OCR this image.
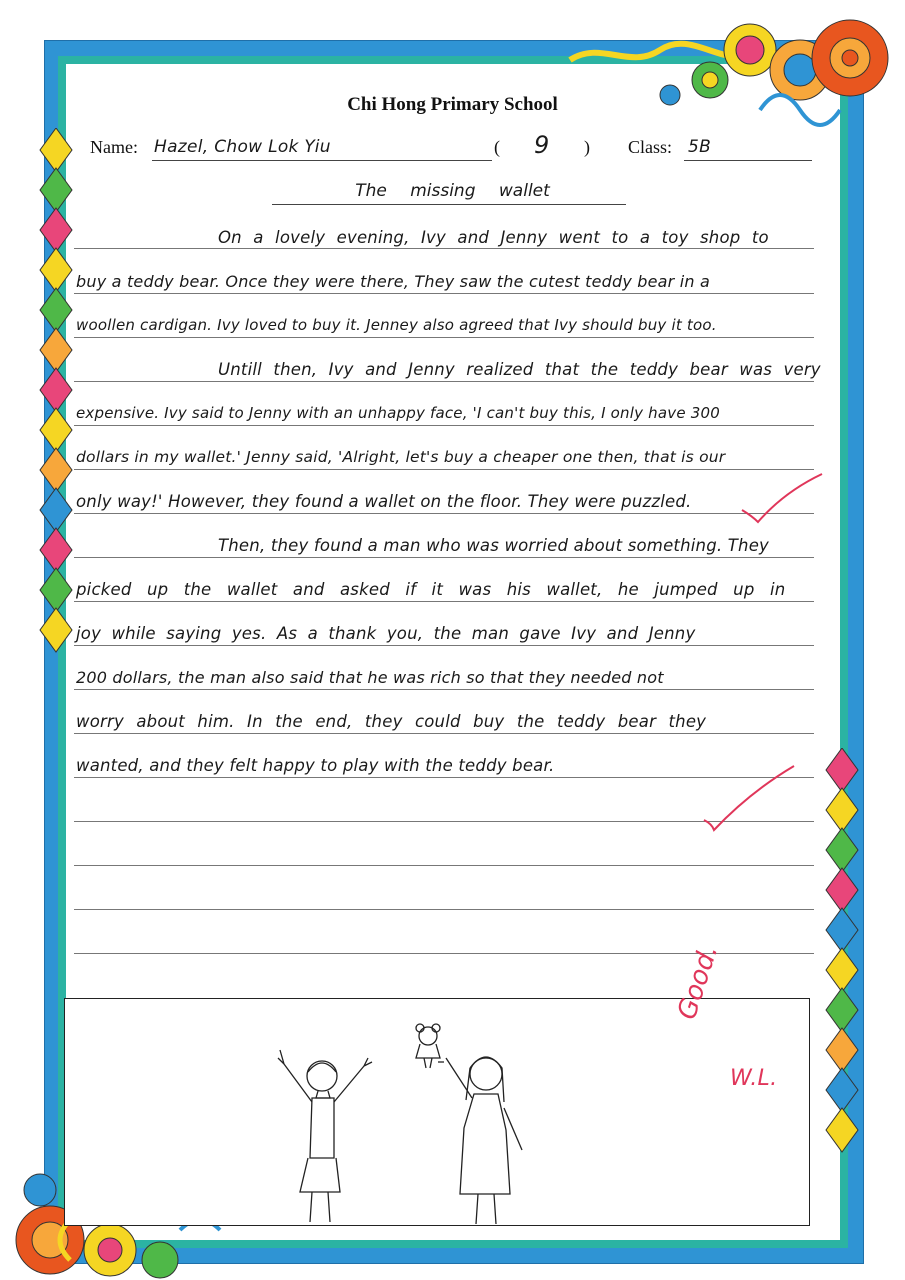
Chi Hong Primary School
Name: Hazel, Chow Lok Yiu	( 9 ) Class: 5B
The missing wallet
On a lovely evening, Ivy and Jenny went to a toy shop to
buy a teddy bear. Once they were there, They saw the cutest teddy bear in a
woollen cardigan. Ivy loved to buy it. Jenney also agreed that Ivy should buy it too.
Untill then, Ivy and Jenny realized that the teddy bear was very
expensive. Ivy said to Jenny with an unhappy face, 'I can't buy this, I only have 300
dollars in my wallet.' Jenny said, 'Alright, let's buy a cheaper one then, that is our
only way!' However, they found a wallet on the floor. They were puzzled.
Then, they found a man who was worried about something. They
picked up the wallet and asked if it was his wallet, he jumped up in
joy while saying yes. As a thank you, the man gave Ivy and Jenny
200 dollars, the man also said that he was rich so that they needed not
worry about him. In the end, they could buy the teddy bear they
wanted, and they felt happy to play with the teddy bear.
Good.
W.L.
